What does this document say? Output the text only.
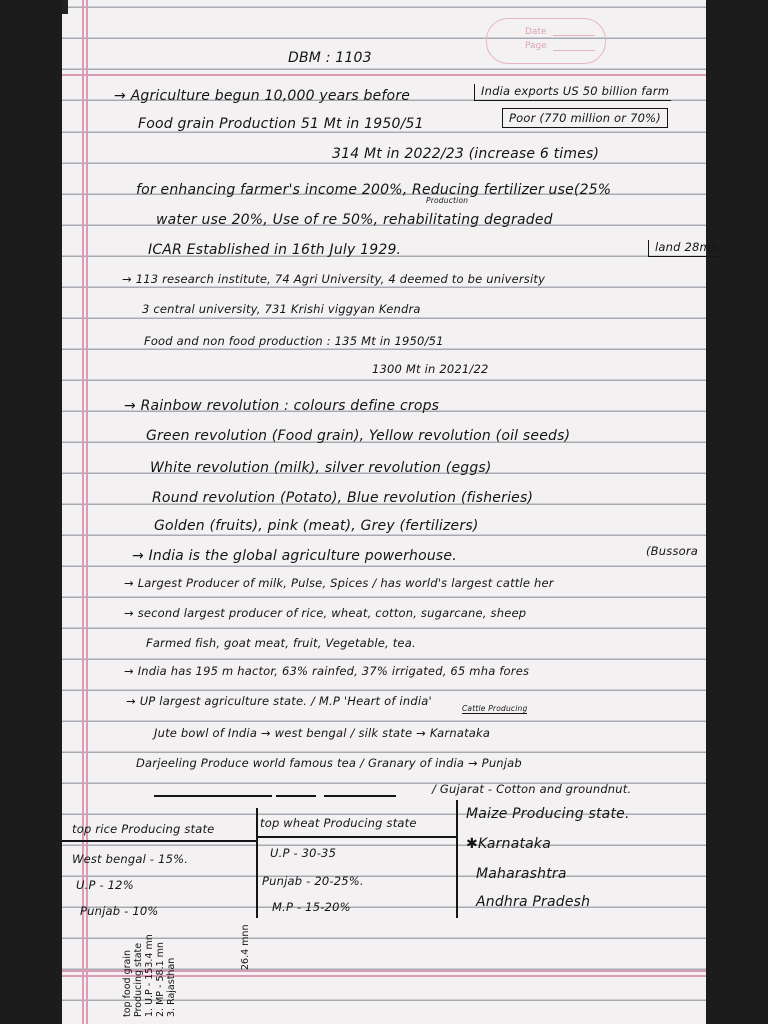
Date
Page
DBM : 1103
India exports US 50 billion farm
Poor (770 million or 70%)
land 28mh
Production
Cattle Producing
(Bussora
→ Agriculture begun 10,000 years before
Food grain Production 51 Mt in 1950/51
314 Mt in 2022/23 (increase 6 times)
for enhancing farmer's income 200%, Reducing fertilizer use(25%
water use 20%, Use of re 50%, rehabilitating degraded
ICAR Established in 16th July 1929.
→ 113 research institute, 74 Agri University, 4 deemed to be university
3 central university, 731 Krishi viggyan Kendra
Food and non food production : 135 Mt in 1950/51
1300 Mt in 2021/22
→ Rainbow revolution : colours define crops
Green revolution (Food grain), Yellow revolution (oil seeds)
White revolution (milk), silver revolution (eggs)
Round revolution (Potato), Blue revolution (fisheries)
Golden (fruits), pink (meat), Grey (fertilizers)
→ India is the global agriculture powerhouse.
→ Largest Producer of milk, Pulse, Spices / has world's largest cattle her
→ second largest producer of rice, wheat, cotton, sugarcane, sheep
Farmed fish, goat meat, fruit, Vegetable, tea.
→ India has 195 m hactor, 63% rainfed, 37% irrigated, 65 mha fores
→ UP largest agriculture state. / M.P 'Heart of india'
Jute bowl of India → west bengal / silk state → Karnataka
Darjeeling Produce world famous tea / Granary of india → Punjab
/ Gujarat - Cotton and groundnut.
top rice Producing state
West bengal - 15%.
U.P - 12%
Punjab - 10%
top wheat Producing state
U.P - 30-35
Punjab - 20-25%.
M.P - 15-20%
Maize Producing state.
Karnataka
Maharashtra
Andhra Pradesh
✱
top food grain Producing state 1. U.P - 153.4 mn 2. MP - 58.1 mn 3. Rajasthan
26.4 mnn
